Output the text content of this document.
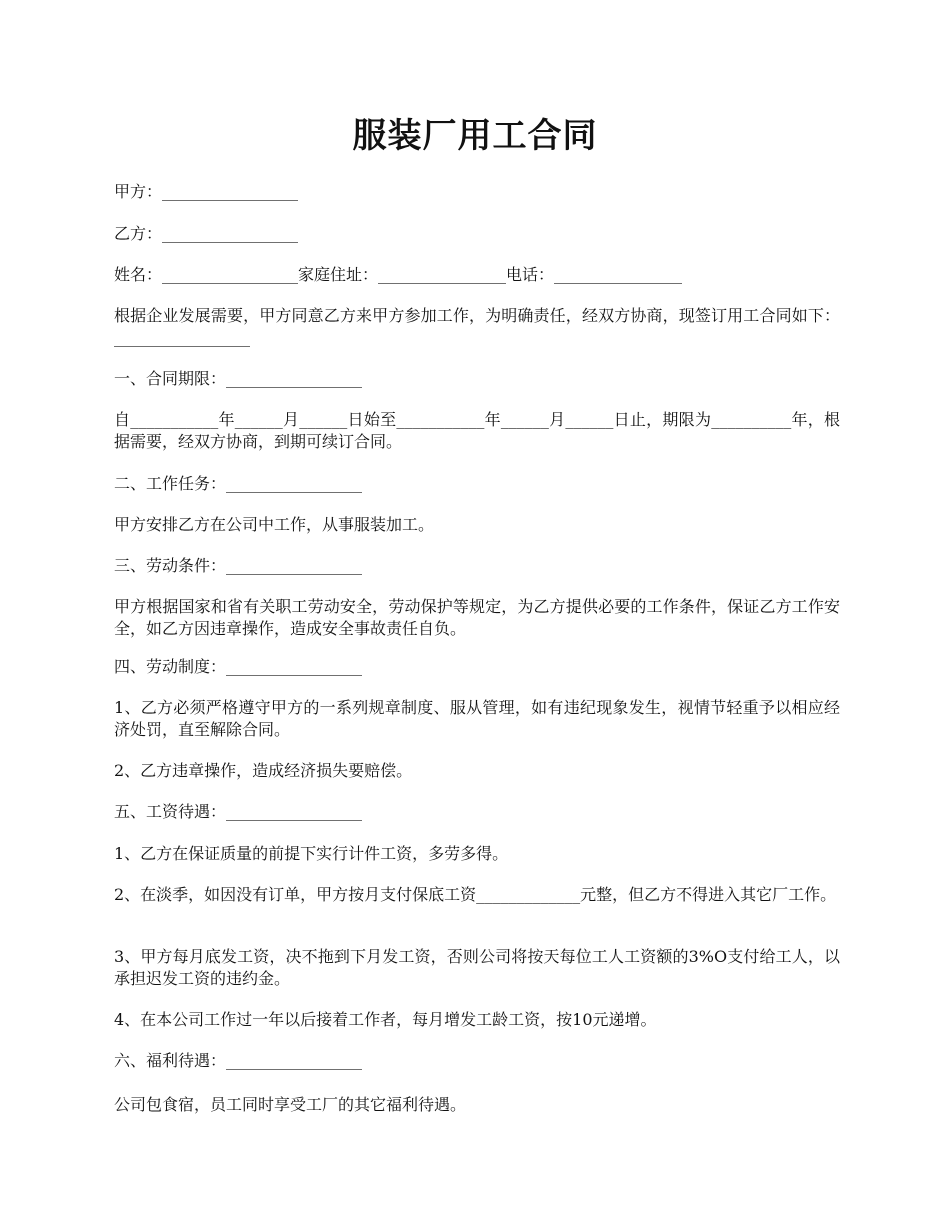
服装厂用工合同
甲方：_________________
乙方：_________________
姓名：_________________家庭住址：________________电话：________________
根据企业发展需要，甲方同意乙方来甲方参加工作，为明确责任，经双方协商，现签订用工合同如下：_________________
一、合同期限：_________________
自___________年______月______日始至___________年______月______日止，期限为__________年，根据需要，经双方协商，到期可续订合同。
二、工作任务：_________________
甲方安排乙方在公司中工作，从事服装加工。
三、劳动条件：_________________
甲方根据国家和省有关职工劳动安全，劳动保护等规定，为乙方提供必要的工作条件，保证乙方工作安全，如乙方因违章操作，造成安全事故责任自负。
四、劳动制度：_________________
1、乙方必须严格遵守甲方的一系列规章制度、服从管理，如有违纪现象发生，视情节轻重予以相应经济处罚，直至解除合同。
2、乙方违章操作，造成经济损失要赔偿。
五、工资待遇：_________________
1、乙方在保证质量的前提下实行计件工资，多劳多得。
2、在淡季，如因没有订单，甲方按月支付保底工资_____________元整，但乙方不得进入其它厂工作。
3、甲方每月底发工资，决不拖到下月发工资，否则公司将按天每位工人工资额的3%O支付给工人，以承担迟发工资的违约金。
4、在本公司工作过一年以后接着工作者，每月增发工龄工资，按10元递增。
六、福利待遇：_________________
公司包食宿，员工同时享受工厂的其它福利待遇。
